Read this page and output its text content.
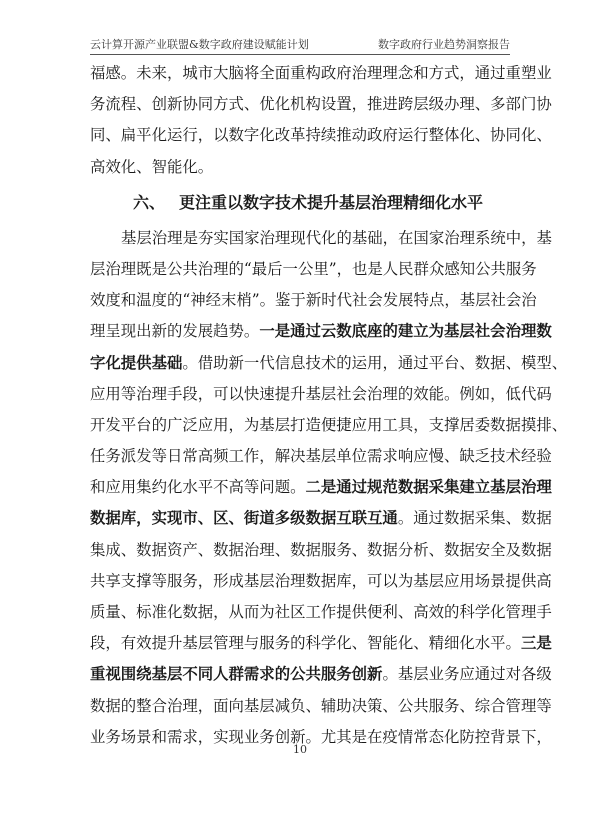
云计算开源产业联盟&数字政府建设赋能计划	数字政府行业趋势洞察报告
福感。未来，城市大脑将全面重构政府治理理念和方式，通过重塑业
务流程、创新协同方式、优化机构设置，推进跨层级办理、多部门协
同、扁平化运行，以数字化改革持续推动政府运行整体化、协同化、
高效化、智能化。
六、 更注重以数字技术提升基层治理精细化水平
基层治理是夯实国家治理现代化的基础，在国家治理系统中，基
层治理既是公共治理的“最后一公里”，也是人民群众感知公共服务
效度和温度的“神经末梢”。鉴于新时代社会发展特点，基层社会治
理呈现出新的发展趋势。一是通过云数底座的建立为基层社会治理数
字化提供基础。借助新一代信息技术的运用，通过平台、数据、模型、
应用等治理手段，可以快速提升基层社会治理的效能。例如，低代码
开发平台的广泛应用，为基层打造便捷应用工具，支撑居委数据摸排、
任务派发等日常高频工作，解决基层单位需求响应慢、缺乏技术经验
和应用集约化水平不高等问题。二是通过规范数据采集建立基层治理
数据库，实现市、区、街道多级数据互联互通。通过数据采集、数据
集成、数据资产、数据治理、数据服务、数据分析、数据安全及数据
共享支撑等服务，形成基层治理数据库，可以为基层应用场景提供高
质量、标准化数据，从而为社区工作提供便利、高效的科学化管理手
段，有效提升基层管理与服务的科学化、智能化、精细化水平。三是
重视围绕基层不同人群需求的公共服务创新。基层业务应通过对各级
数据的整合治理，面向基层减负、辅助决策、公共服务、综合管理等
业务场景和需求，实现业务创新。尤其是在疫情常态化防控背景下，
10
